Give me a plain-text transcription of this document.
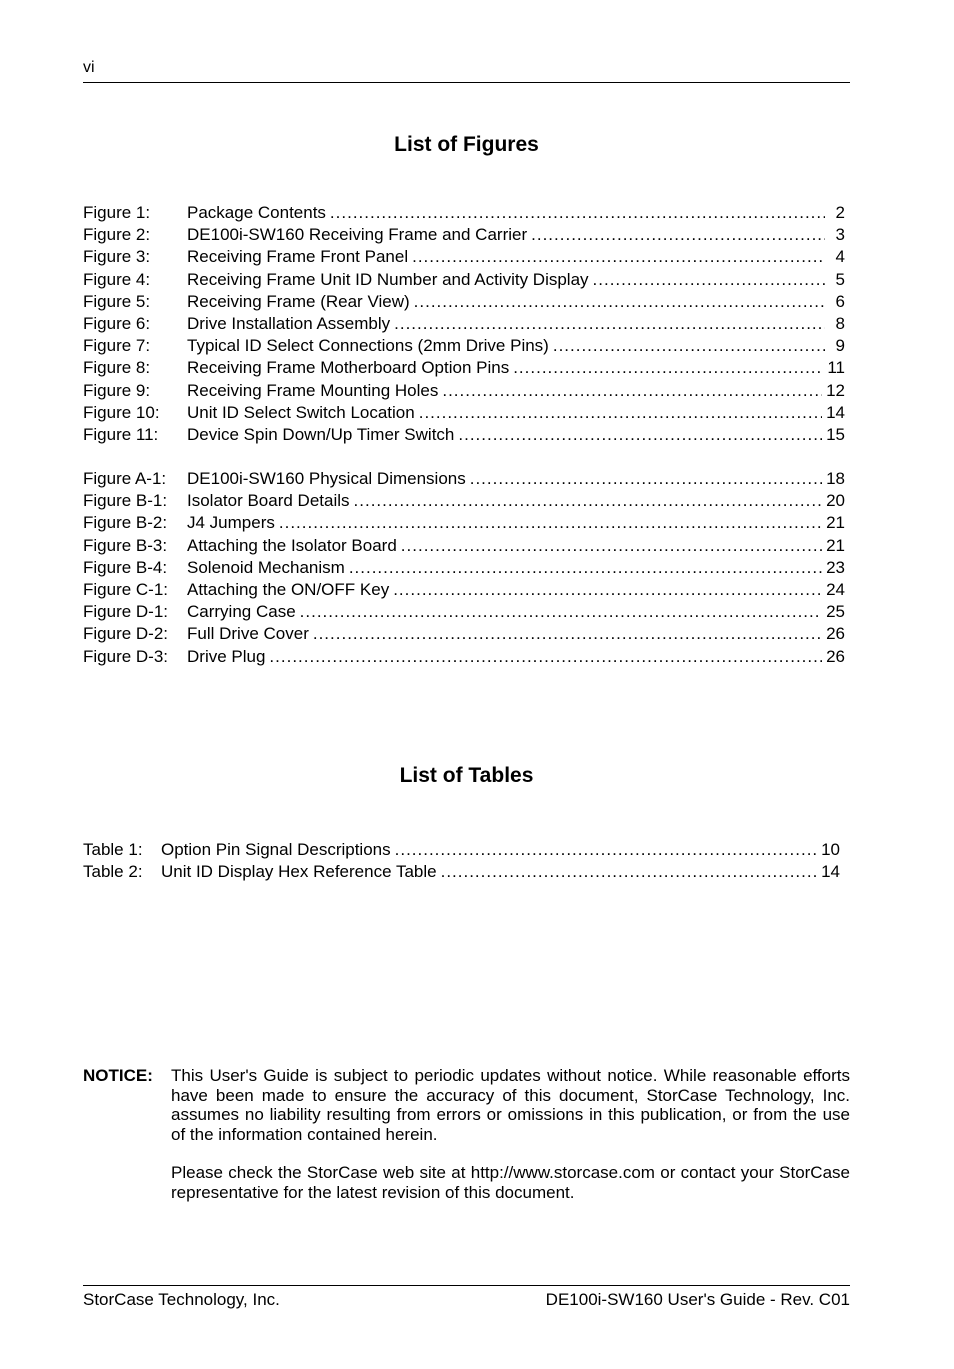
vi
List of Figures
Figure 1:	Package Contents .....	2
Figure 2:	DE100i-SW160 Receiving Frame and Carrier .....	3
Figure 3:	Receiving Frame Front Panel .....	4
Figure 4:	Receiving Frame Unit ID Number and Activity Display .....	5
Figure 5:	Receiving Frame (Rear View) .....	6
Figure 6:	Drive Installation Assembly .....	8
Figure 7:	Typical ID Select Connections (2mm Drive Pins) .....	9
Figure 8:	Receiving Frame Motherboard Option Pins .....	11
Figure 9:	Receiving Frame Mounting Holes .....	12
Figure 10:	Unit ID Select Switch Location .....	14
Figure 11:	Device Spin Down/Up Timer Switch .....	15
Figure A-1:	DE100i-SW160 Physical Dimensions .....	18
Figure B-1:	Isolator Board Details .....	20
Figure B-2:	J4 Jumpers .....	21
Figure B-3:	Attaching the Isolator Board .....	21
Figure B-4:	Solenoid Mechanism .....	23
Figure C-1:	Attaching the ON/OFF Key .....	24
Figure D-1:	Carrying Case .....	25
Figure D-2:	Full Drive Cover .....	26
Figure D-3:	Drive Plug .....	26
List of Tables
Table 1:	Option Pin Signal Descriptions .....	10
Table 2:	Unit ID Display Hex Reference Table .....	14
NOTICE: This User's Guide is subject to periodic updates without notice. While reasonable efforts have been made to ensure the accuracy of this document, StorCase Technology, Inc. assumes no liability resulting from errors or omissions in this publication, or from the use of the information contained herein.

Please check the StorCase web site at http://www.storcase.com or contact your StorCase representative for the latest revision of this document.

StorCase Technology, Inc.	DE100i-SW160 User's Guide - Rev. C01
